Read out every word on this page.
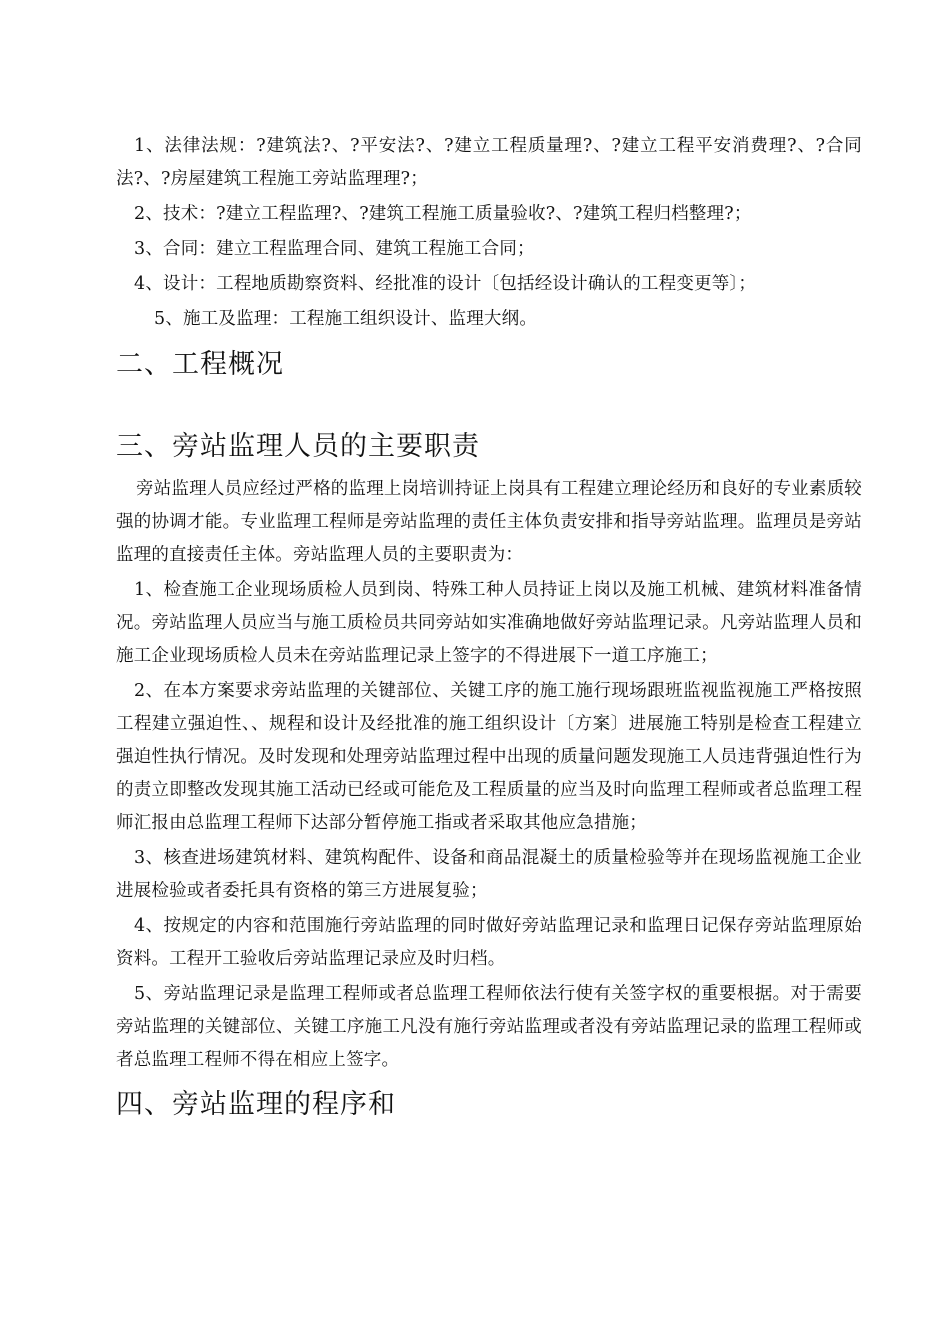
1、法律法规：?建筑法?、?平安法?、?建立工程质量理?、?建立工程平安消费理?、?合同法?、?房屋建筑工程施工旁站监理理?；

2、技术：?建立工程监理?、?建筑工程施工质量验收?、?建筑工程归档整理?；

3、合同：建立工程监理合同、建筑工程施工合同；

4、设计：工程地质勘察资料、经批准的设计〔包括经设计确认的工程变更等〕；

5、施工及监理：工程施工组织设计、监理大纲。

二、工程概况
三、旁站监理人员的主要职责

旁站监理人员应经过严格的监理上岗培训持证上岗具有工程建立理论经历和良好的专业素质较强的协调才能。专业监理工程师是旁站监理的责任主体负责安排和指导旁站监理。监理员是旁站监理的直接责任主体。旁站监理人员的主要职责为：

1、检查施工企业现场质检人员到岗、特殊工种人员持证上岗以及施工机械、建筑材料准备情况。旁站监理人员应当与施工质检员共同旁站如实准确地做好旁站监理记录。凡旁站监理人员和施工企业现场质检人员未在旁站监理记录上签字的不得进展下一道工序施工；

2、在本方案要求旁站监理的关键部位、关键工序的施工施行现场跟班监视监视施工严格按照工程建立强迫性、、规程和设计及经批准的施工组织设计〔方案〕进展施工特别是检查工程建立强迫性执行情况。及时发现和处理旁站监理过程中出现的质量问题发现施工人员违背强迫性行为的责立即整改发现其施工活动已经或可能危及工程质量的应当及时向监理工程师或者总监理工程师汇报由总监理工程师下达部分暂停施工指或者采取其他应急措施；

3、核查进场建筑材料、建筑构配件、设备和商品混凝土的质量检验等并在现场监视施工企业进展检验或者委托具有资格的第三方进展复验；

4、按规定的内容和范围施行旁站监理的同时做好旁站监理记录和监理日记保存旁站监理原始资料。工程开工验收后旁站监理记录应及时归档。

5、旁站监理记录是监理工程师或者总监理工程师依法行使有关签字权的重要根据。对于需要旁站监理的关键部位、关键工序施工凡没有施行旁站监理或者没有旁站监理记录的监理工程师或者总监理工程师不得在相应上签字。

四、旁站监理的程序和
